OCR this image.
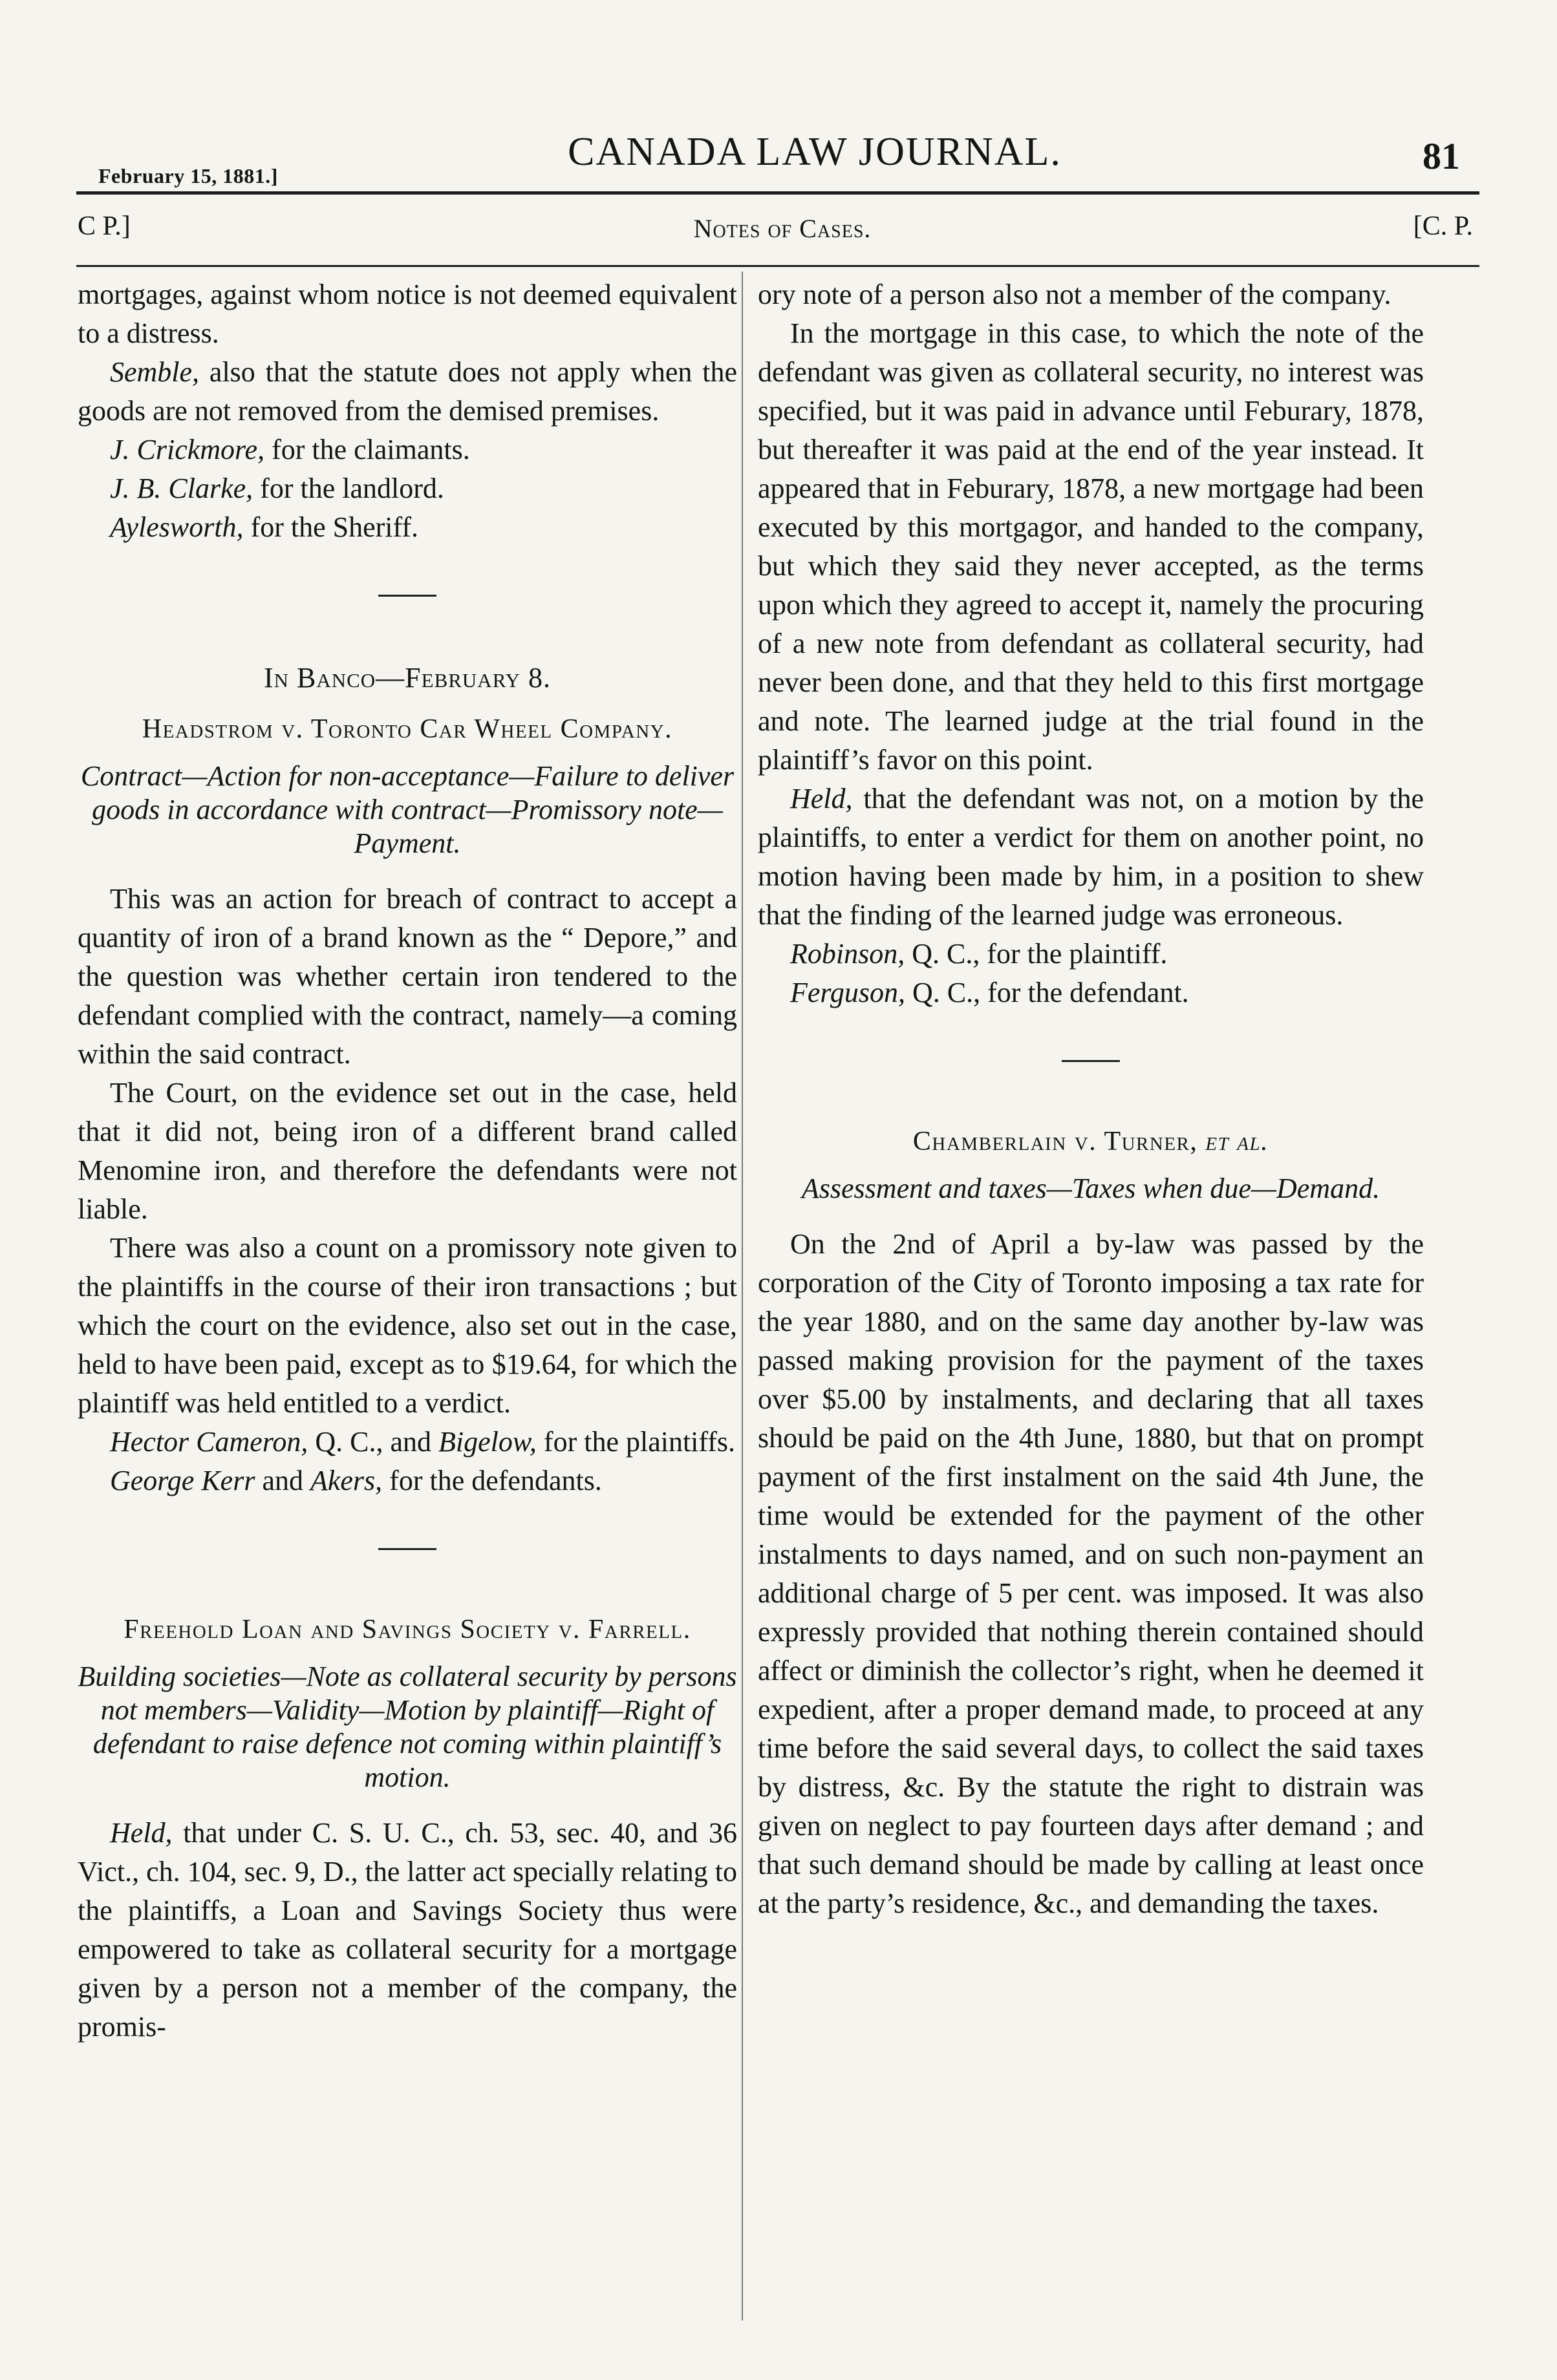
February 15, 1881.]
CANADA LAW JOURNAL.	81
C P.]	Notes of Cases.	[C. P.

mortgages, against whom notice is not deemed equivalent to a distress.

Semble, also that the statute does not apply when the goods are not removed from the demised premises.

J. Crickmore, for the claimants.

J. B. Clarke, for the landlord.

Aylesworth, for the Sheriff.

In Banco—February 8.
Headstrom v. Toronto Car Wheel Company.
Contract—Action for non-acceptance—Failure to deliver goods in accordance with contract—Promissory note—Payment.

This was an action for breach of contract to accept a quantity of iron of a brand known as the “ Depore,” and the question was whether certain iron tendered to the defendant complied with the contract, namely—a coming within the said contract.

The Court, on the evidence set out in the case, held that it did not, being iron of a different brand called Menomine iron, and therefore the defendants were not liable.

There was also a count on a promissory note given to the plaintiffs in the course of their iron transactions ; but which the court on the evidence, also set out in the case, held to have been paid, except as to $19.64, for which the plaintiff was held entitled to a verdict.

Hector Cameron, Q. C., and Bigelow, for the plaintiffs.

George Kerr and Akers, for the defendants.

Freehold Loan and Savings Society v. Farrell.
Building societies—Note as collateral security by persons not members—Validity—Motion by plaintiff—Right of defendant to raise defence not coming within plaintiff’s motion.

Held, that under C. S. U. C., ch. 53, sec. 40, and 36 Vict., ch. 104, sec. 9, D., the latter act specially relating to the plaintiffs, a Loan and Savings Society thus were empowered to take as collateral security for a mortgage given by a person not a member of the company, the promis-

ory note of a person also not a member of the company.

In the mortgage in this case, to which the note of the defendant was given as collateral security, no interest was specified, but it was paid in advance until Feburary, 1878, but thereafter it was paid at the end of the year instead. It appeared that in Feburary, 1878, a new mortgage had been executed by this mortgagor, and handed to the company, but which they said they never accepted, as the terms upon which they agreed to accept it, namely the procuring of a new note from defendant as collateral security, had never been done, and that they held to this first mortgage and note. The learned judge at the trial found in the plaintiff’s favor on this point.

Held, that the defendant was not, on a motion by the plaintiffs, to enter a verdict for them on another point, no motion having been made by him, in a position to shew that the finding of the learned judge was erroneous.

Robinson, Q. C., for the plaintiff.

Ferguson, Q. C., for the defendant.

Chamberlain v. Turner, et al.
Assessment and taxes—Taxes when due—Demand.

On the 2nd of April a by-law was passed by the corporation of the City of Toronto imposing a tax rate for the year 1880, and on the same day another by-law was passed making provision for the payment of the taxes over $5.00 by instalments, and declaring that all taxes should be paid on the 4th June, 1880, but that on prompt payment of the first instalment on the said 4th June, the time would be extended for the payment of the other instalments to days named, and on such non-payment an additional charge of 5 per cent. was imposed. It was also expressly provided that nothing therein contained should affect or diminish the collector’s right, when he deemed it expedient, after a proper demand made, to proceed at any time before the said several days, to collect the said taxes by distress, &c. By the statute the right to distrain was given on neglect to pay fourteen days after demand ; and that such demand should be made by calling at least once at the party’s residence, &c., and demanding the taxes.
